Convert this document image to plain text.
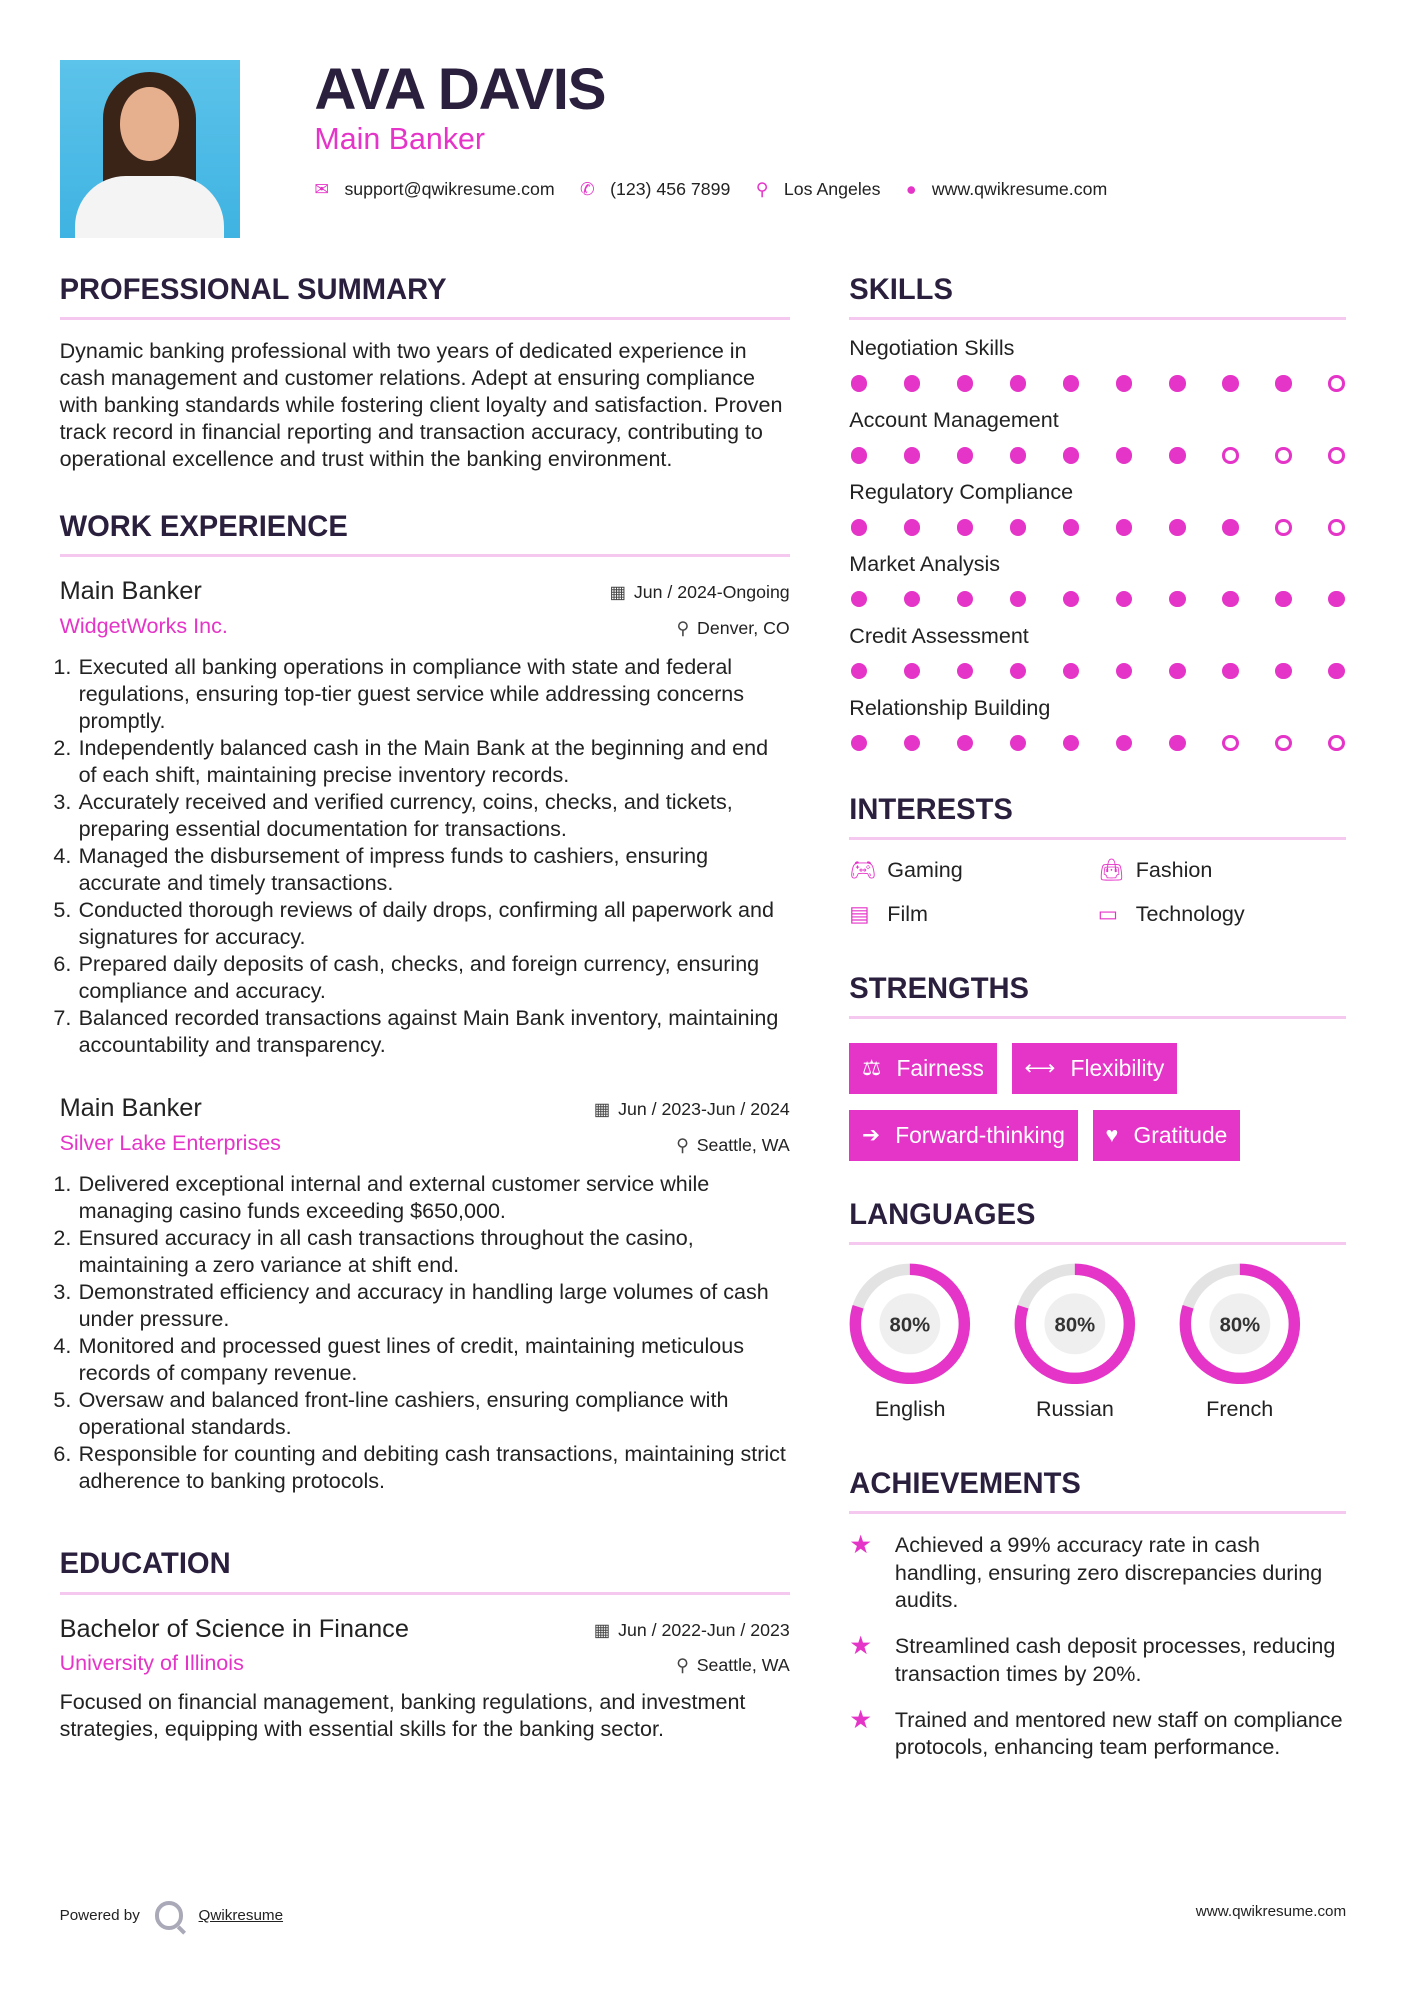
AVA DAVIS
Main Banker
✉ support@qwikresume.com ✆ (123) 456 7899 ⚲ Los Angeles ● www.qwikresume.com
PROFESSIONAL SUMMARY

Dynamic banking professional with two years of dedicated experience in cash management and customer relations. Adept at ensuring compliance with banking standards while fostering client loyalty and satisfaction. Proven track record in financial reporting and transaction accuracy, contributing to operational excellence and trust within the banking environment.

WORK EXPERIENCE
Main Banker
WidgetWorks Inc.
▦ Jun / 2024-Ongoing
⚲ Denver, CO
1. Executed all banking operations in compliance with state and federal regulations, ensuring top-tier guest service while addressing concerns promptly.
2. Independently balanced cash in the Main Bank at the beginning and end of each shift, maintaining precise inventory records.
3. Accurately received and verified currency, coins, checks, and tickets, preparing essential documentation for transactions.
4. Managed the disbursement of impress funds to cashiers, ensuring accurate and timely transactions.
5. Conducted thorough reviews of daily drops, confirming all paperwork and signatures for accuracy.
6. Prepared daily deposits of cash, checks, and foreign currency, ensuring compliance and accuracy.
7. Balanced recorded transactions against Main Bank inventory, maintaining accountability and transparency.
Main Banker
Silver Lake Enterprises
▦ Jun / 2023-Jun / 2024
⚲ Seattle, WA
1. Delivered exceptional internal and external customer service while managing casino funds exceeding $650,000.
2. Ensured accuracy in all cash transactions throughout the casino, maintaining a zero variance at shift end.
3. Demonstrated efficiency and accuracy in handling large volumes of cash under pressure.
4. Monitored and processed guest lines of credit, maintaining meticulous records of company revenue.
5. Oversaw and balanced front-line cashiers, ensuring compliance with operational standards.
6. Responsible for counting and debiting cash transactions, maintaining strict adherence to banking protocols.
EDUCATION
Bachelor of Science in Finance
University of Illinois
▦ Jun / 2022-Jun / 2023
⚲ Seattle, WA

Focused on financial management, banking regulations, and investment strategies, equipping with essential skills for the banking sector.

SKILLS
Negotiation Skills
Account Management
Regulatory Compliance
Market Analysis
Credit Assessment
Relationship Building
INTERESTS
🎮︎ Gaming	👜︎ Fashion
▤	Film	▭	Technology
STRENGTHS
⚖ Fairness ⟷ Flexibility
➔ Forward-thinking ♥ Gratitude
LANGUAGES
80%
English
80%
Russian
80%
French
ACHIEVEMENTS
★	Achieved a 99% accuracy rate in cash handling, ensuring zero discrepancies during audits.
★	Streamlined cash deposit processes, reducing transaction times by 20%.
★	Trained and mentored new staff on compliance protocols, enhancing team performance.
Powered by	Qwikresume	www.qwikresume.com
